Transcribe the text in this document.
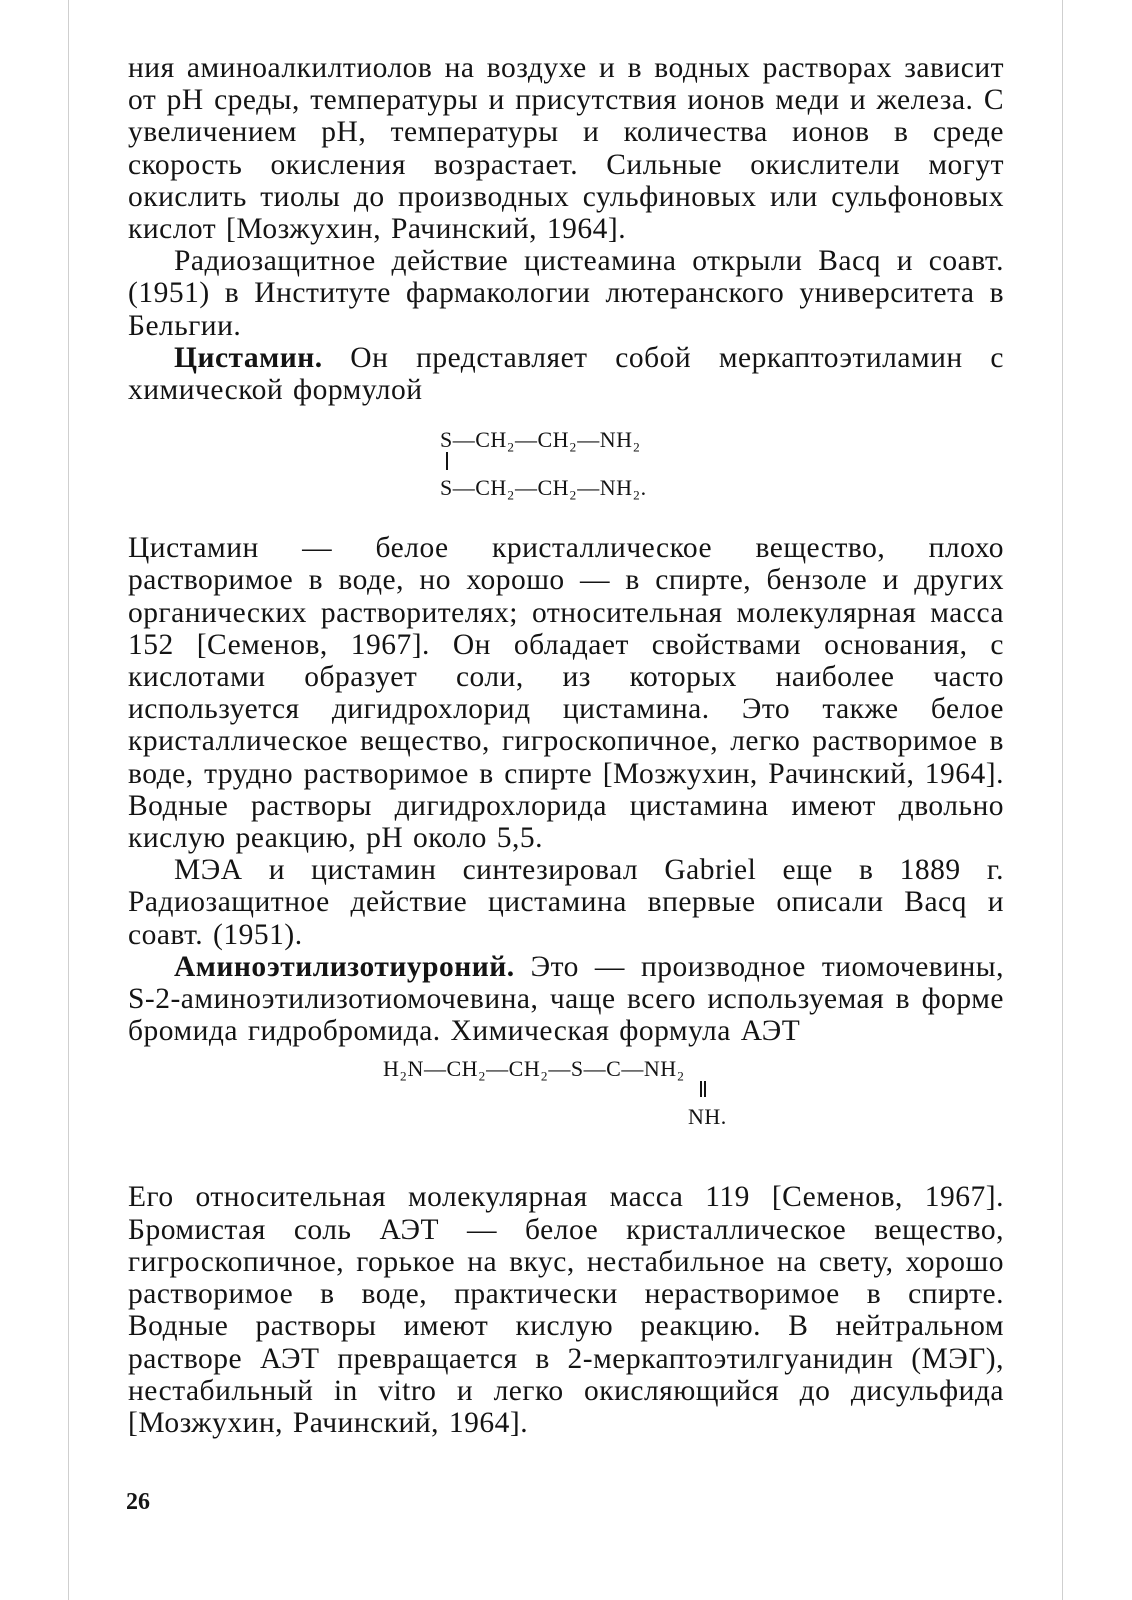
ния аминоалкилтиолов на воздухе и в водных растворах зависит от pH среды, температуры и присутствия ионов меди и железа. С увеличением pH, температуры и количества ионов в среде скорость окисления возрастает. Сильные окислители могут окислить тиолы до производных сульфиновых или сульфоновых кислот [Мозжухин, Рачинский, 1964].

Радиозащитное действие цистеамина открыли Bacq и соавт. (1951) в Институте фармакологии лютеранского университета в Бельгии.

Цистамин. Он представляет собой меркаптоэтиламин с химической формулой

S—CH₂—CH₂—NH₂
S—CH₂—CH₂—NH₂.

Цистамин — белое кристаллическое вещество, плохо растворимое в воде, но хорошо — в спирте, бензоле и других органических растворителях; относительная молекулярная масса 152 [Семенов, 1967]. Он обладает свойствами основания, с кислотами образует соли, из которых наиболее часто используется дигидрохлорид цистамина. Это также белое кристаллическое вещество, гигроскопичное, легко растворимое в воде, трудно растворимое в спирте [Мозжухин, Рачинский, 1964]. Водные растворы дигидрохлорида цистамина имеют двольно кислую реакцию, pH около 5,5.

МЭА и цистамин синтезировал Gabriel еще в 1889 г. Радиозащитное действие цистамина впервые описали Bacq и соавт. (1951).

Аминоэтилизотиуроний. Это — производное тиомочевины, S-2-аминоэтилизотиомочевина, чаще всего используемая в форме бромида гидробромида. Химическая формула АЭТ

H₂N—CH₂—CH₂—S—C—NH₂
NH.

Его относительная молекулярная масса 119 [Семенов, 1967]. Бромистая соль АЭТ — белое кристаллическое вещество, гигроскопичное, горькое на вкус, нестабильное на свету, хорошо растворимое в воде, практически нерастворимое в спирте. Водные растворы имеют кислую реакцию. В нейтральном растворе АЭТ превращается в 2-меркаптоэтилгуанидин (МЭГ), нестабильный in vitro и легко окисляющийся до дисульфида [Мозжухин, Рачинский, 1964].

26
